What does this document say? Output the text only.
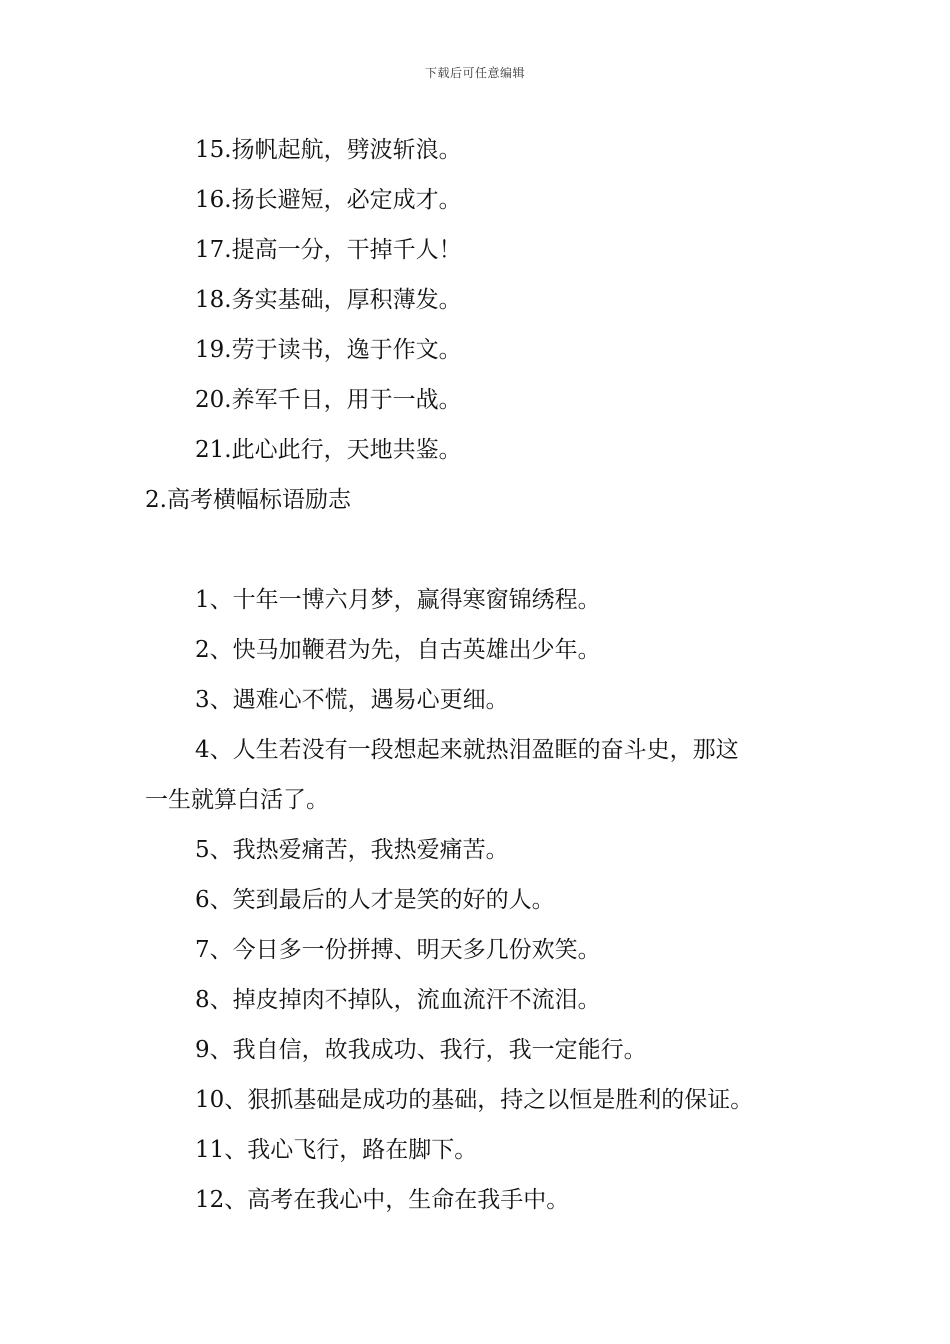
下载后可任意编辑
15.扬帆起航，劈波斩浪。
16.扬长避短，必定成才。
17.提高一分，干掉千人！
18.务实基础，厚积薄发。
19.劳于读书，逸于作文。
20.养军千日，用于一战。
21.此心此行，天地共鉴。
2.高考横幅标语励志
1、十年一博六月梦，赢得寒窗锦绣程。
2、快马加鞭君为先，自古英雄出少年。
3、遇难心不慌，遇易心更细。
4、人生若没有一段想起来就热泪盈眶的奋斗史，那这
一生就算白活了。
5、我热爱痛苦，我热爱痛苦。
6、笑到最后的人才是笑的好的人。
7、今日多一份拼搏、明天多几份欢笑。
8、掉皮掉肉不掉队，流血流汗不流泪。
9、我自信，故我成功、我行，我一定能行。
10、狠抓基础是成功的基础，持之以恒是胜利的保证。
11、我心飞行，路在脚下。
12、高考在我心中，生命在我手中。
